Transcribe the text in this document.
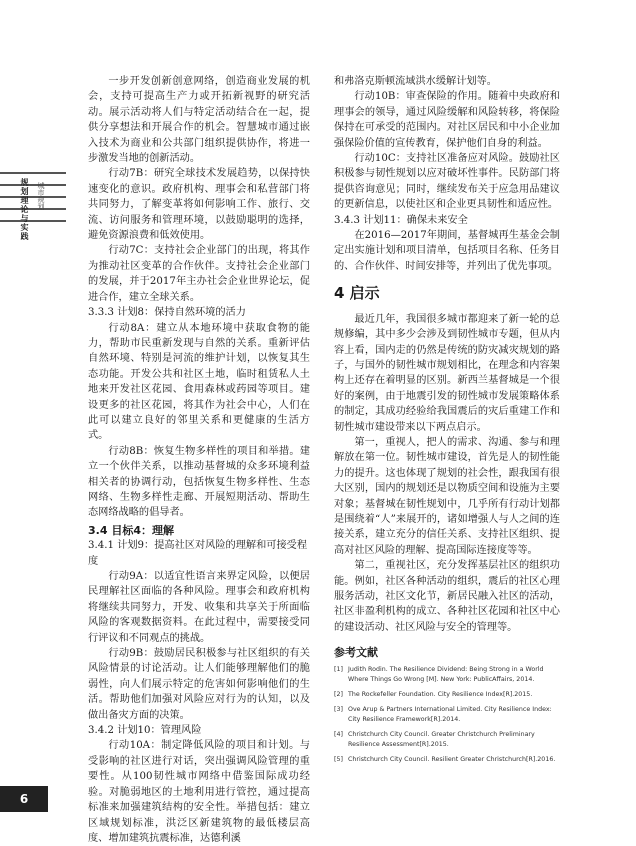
规划理论与实践 城市规划

一步开发创新创意网络，创造商业发展的机会，支持可提高生产力或开拓新视野的研究活动。展示活动将人们与特定活动结合在一起，提供分享想法和开展合作的机会。智慧城市通过嵌入技术为商业和公共部门组织提供协作，将进一步激发当地的创新活动。

行动7B：研究全球技术发展趋势，以保持快速变化的意识。政府机构、理事会和私营部门将共同努力，了解变革将如何影响工作、旅行、交流、访问服务和管理环境，以鼓励聪明的选择，避免资源浪费和低效使用。

行动7C：支持社会企业部门的出现，将其作为推动社区变革的合作伙伴。支持社会企业部门的发展，并于2017年主办社会企业世界论坛，促进合作，建立全球关系。

3.3.3 计划8：保持自然环境的活力

行动8A：建立从本地环境中获取食物的能力，帮助市民重新发现与自然的关系。重新评估自然环境、特别是河流的维护计划，以恢复其生态功能。开发公共和社区土地，临时租赁私人土地来开发社区花园、食用森林或药园等项目。建设更多的社区花园，将其作为社会中心，人们在此可以建立良好的邻里关系和更健康的生活方式。

行动8B：恢复生物多样性的项目和举措。建立一个伙伴关系，以推动基督城的众多环境利益相关者的协调行动，包括恢复生物多样性、生态网络、生物多样性走廊、开展短期活动、帮助生态网络战略的倡导者。

3.4 目标4：理解

3.4.1 计划9：提高社区对风险的理解和可接受程度

行动9A：以适宜性语言来界定风险，以便居民理解社区面临的各种风险。理事会和政府机构将继续共同努力，开发、收集和共享关于所面临风险的客观数据资料。在此过程中，需要接受同行评议和不同观点的挑战。

行动9B：鼓励居民积极参与社区组织的有关风险情景的讨论活动。让人们能够理解他们的脆弱性，向人们展示特定的危害如何影响他们的生活。帮助他们加强对风险应对行为的认知，以及做出备灾方面的决策。

3.4.2 计划10：管理风险

行动10A：制定降低风险的项目和计划。与受影响的社区进行对话，突出强调风险管理的重要性。从100韧性城市网络中借鉴国际成功经验。对脆弱地区的土地利用进行管控，通过提高标准来加强建筑结构的安全性。举措包括：建立区域规划标准，洪泛区新建筑物的最低楼层高度、增加建筑抗震标准，达德利溪

和弗洛克斯顿流域洪水缓解计划等。

行动10B：审查保险的作用。随着中央政府和理事会的领导，通过风险缓解和风险转移，将保险保持在可承受的范围内。对社区居民和中小企业加强保险价值的宣传教育，保护他们自身的利益。

行动10C：支持社区准备应对风险。鼓励社区积极参与韧性规划以应对破坏性事件。民防部门将提供咨询意见；同时，继续发布关于应急用品建议的更新信息，以使社区和企业更具韧性和适应性。

3.4.3 计划11：确保未来安全

在2016—2017年期间，基督城再生基金会制定出实施计划和项目清单，包括项目名称、任务目的、合作伙伴、时间安排等，并列出了优先事项。

4 启示

最近几年，我国很多城市都迎来了新一轮的总规修编，其中多少会涉及到韧性城市专题，但从内容上看，国内走的仍然是传统的防灾减灾规划的路子，与国外的韧性城市规划相比，在理念和内容架构上还存在着明显的区别。新西兰基督城是一个很好的案例，由于地震引发的韧性城市发展策略体系的制定，其成功经验给我国震后的灾后重建工作和韧性城市建设带来以下两点启示。

第一，重视人，把人的需求、沟通、参与和理解放在第一位。韧性城市建设，首先是人的韧性能力的提升。这也体现了规划的社会性，跟我国有很大区别，国内的规划还是以物质空间和设施为主要对象；基督城在韧性规划中，几乎所有行动计划都是围绕着“人”来展开的，诸如增强人与人之间的连接关系，建立充分的信任关系、支持社区组织、提高对社区风险的理解、提高国际连接度等等。

第二，重视社区，充分发挥基层社区的组织功能。例如，社区各种活动的组织，震后的社区心理服务活动，社区文化节，新居民融入社区的活动，社区非盈利机构的成立、各种社区花园和社区中心的建设活动、社区风险与安全的管理等。

参考文献
[1] Judith Rodin. The Resilience Dividend: Being Strong in a World Where Things Go Wrong [M]. New York: PublicAffairs, 2014.
[2] The Rockefeller Foundation. City Resilience Index[R].2015.
[3] Ove Arup & Partners International Limited. City Resilience Index: City Resilience Framework[R].2014.
[4] Christchurch City Council. Greater Christchurch Preliminary Resilience Assessment[R].2015.
[5] Christchurch City Council. Resilient Greater Christchurch[R].2016.
6
